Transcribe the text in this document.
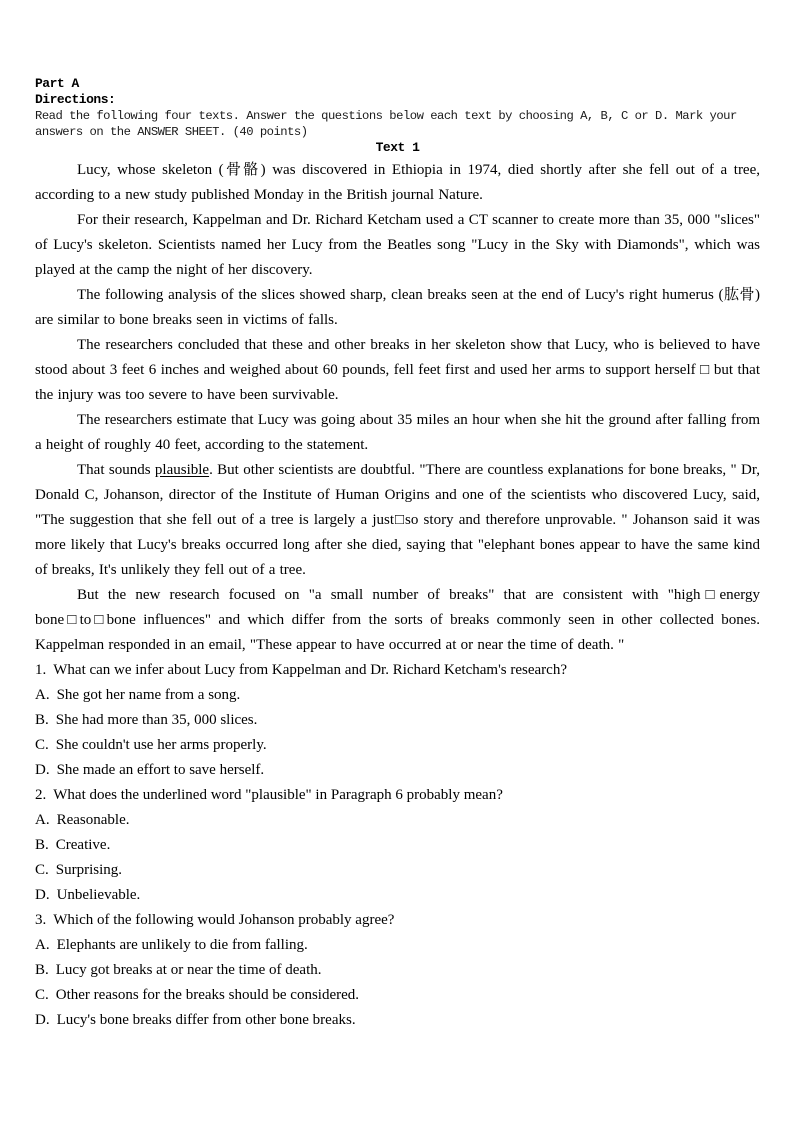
Part A
Directions:
Read the following four texts. Answer the questions below each text by choosing A, B, C or D. Mark your answers on the ANSWER SHEET. (40 points)
Text 1

Lucy, whose skeleton (骨骼) was discovered in Ethiopia in 1974, died shortly after she fell out of a tree, according to a new study published Monday in the British journal Nature.

For their research, Kappelman and Dr. Richard Ketcham used a CT scanner to create more than 35, 000 "slices" of Lucy's skeleton. Scientists named her Lucy from the Beatles song "Lucy in the Sky with Diamonds", which was played at the camp the night of her discovery.

The following analysis of the slices showed sharp, clean breaks seen at the end of Lucy's right humerus (肱骨) are similar to bone breaks seen in victims of falls.

The researchers concluded that these and other breaks in her skeleton show that Lucy, who is believed to have stood about 3 feet 6 inches and weighed about 60 pounds, fell feet first and used her arms to support herself □ but that the injury was too severe to have been survivable.

The researchers estimate that Lucy was going about 35 miles an hour when she hit the ground after falling from a height of roughly 40 feet, according to the statement.

That sounds plausible. But other scientists are doubtful. "There are countless explanations for bone breaks, " Dr, Donald C, Johanson, director of the Institute of Human Origins and one of the scientists who discovered Lucy, said, "The suggestion that she fell out of a tree is largely a just□so story and therefore unprovable. " Johanson said it was more likely that Lucy's breaks occurred long after she died, saying that "elephant bones appear to have the same kind of breaks, It's unlikely they fell out of a tree.

But the new research focused on "a small number of breaks" that are consistent with "high□energy bone□to□bone influences" and which differ from the sorts of breaks commonly seen in other collected bones. Kappelman responded in an email, "These appear to have occurred at or near the time of death. "

1. What can we infer about Lucy from Kappelman and Dr. Richard Ketcham's research?
A. She got her name from a song.
B. She had more than 35, 000 slices.
C. She couldn't use her arms properly.
D. She made an effort to save herself.
2. What does the underlined word "plausible" in Paragraph 6 probably mean?
A. Reasonable.
B. Creative.
C. Surprising.
D. Unbelievable.
3. Which of the following would Johanson probably agree?
A. Elephants are unlikely to die from falling.
B. Lucy got breaks at or near the time of death.
C. Other reasons for the breaks should be considered.
D. Lucy's bone breaks differ from other bone breaks.
